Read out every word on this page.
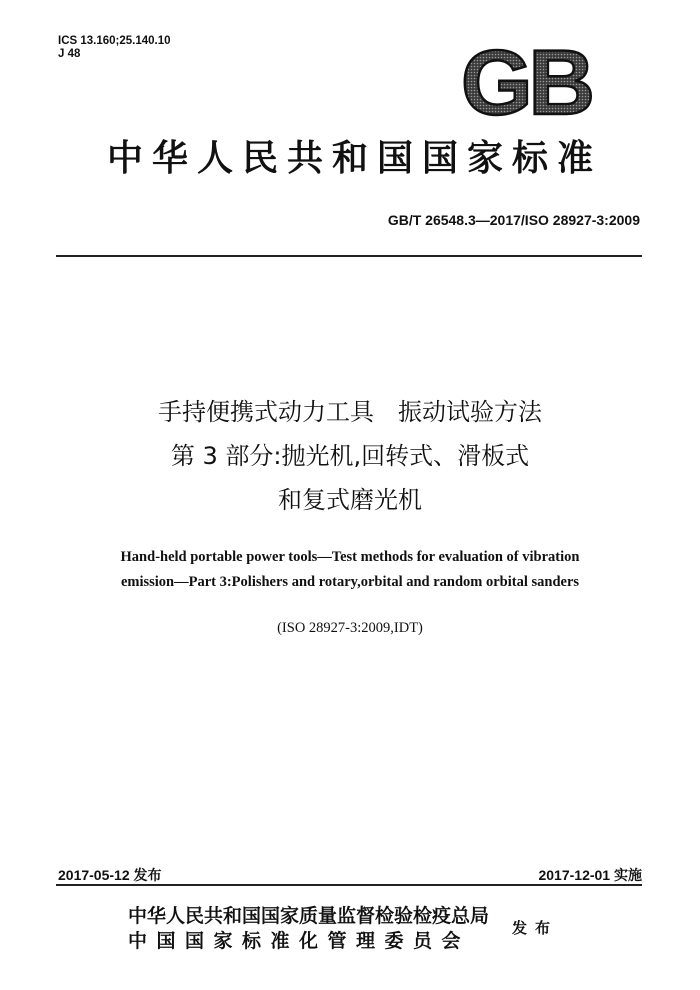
ICS 13.160;25.140.10
J 48	GB
中华人民共和国国家标准
GB/T 26548.3—2017/ISO 28927-3:2009
手持便携式动力工具　振动试验方法
第 3 部分:抛光机,回转式、滑板式
和复式磨光机
Hand-held portable power tools—Test methods for evaluation of vibration
emission—Part 3:Polishers and rotary,orbital and random orbital sanders
(ISO 28927-3:2009,IDT)
2017-05-12 发布	2017-12-01 实施
中华人民共和国国家质量监督检验检疫总局
中国国家标准化管理委员会
发布
